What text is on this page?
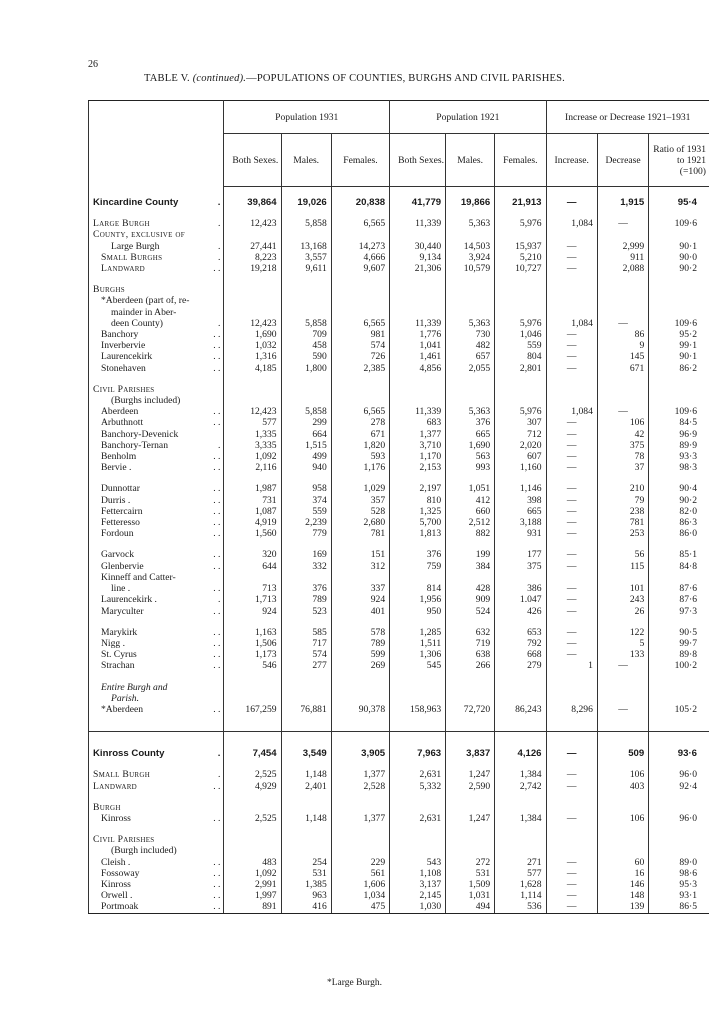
26
TABLE V. (continued).—POPULATIONS OF COUNTIES, BURGHS AND CIVIL PARISHES.
	Population 1931			Population 1921			Increase or Decrease 1921–1931		
	Both Sexes.	Males.	Females.	Both Sexes.	Males.	Females.	Increase.	Decrease	Ratio of 1931 to 1921 (=100)

Kincardine County .	39,864	19,026	20,838	41,779	19,866	21,913	—	1,915	95·4

Large Burgh .	12,423	5,858	6,565	11,339	5,363	5,976	1,084	—	109·6
County, exclusive of									
Large Burgh .	27,441	13,168	14,273	30,440	14,503	15,937	—	2,999	90·1
Small Burghs .	8,223	3,557	4,666	9,134	3,924	5,210	—	911	90·0
Landward . .	19,218	9,611	9,607	21,306	10,579	10,727	—	2,088	90·2

Burghs									
*Aberdeen (part of, re-									
mainder in Aber-									
deen County) .	12,423	5,858	6,565	11,339	5,363	5,976	1,084	—	109·6
Banchory . .	1,690	709	981	1,776	730	1,046	—	86	95·2
Inverbervie . .	1,032	458	574	1,041	482	559	—	9	99·1
Laurencekirk . .	1,316	590	726	1,461	657	804	—	145	90·1
Stonehaven . .	4,185	1,800	2,385	4,856	2,055	2,801	—	671	86·2

Civil Parishes									
(Burghs included)									
Aberdeen . .	12,423	5,858	6,565	11,339	5,363	5,976	1,084	—	109·6
Arbuthnott . .	577	299	278	683	376	307	—	106	84·5
Banchory-Devenick	1,335	664	671	1,377	665	712	—	42	96·9
Banchory-Ternan .	3,335	1,515	1,820	3,710	1,690	2,020	—	375	89·9
Benholm . .	1,092	499	593	1,170	563	607	—	78	93·3
Bervie . . .	2,116	940	1,176	2,153	993	1,160	—	37	98·3

Dunnottar . .	1,987	958	1,029	2,197	1,051	1,146	—	210	90·4
Durris . . .	731	374	357	810	412	398	—	79	90·2
Fettercairn . .	1,087	559	528	1,325	660	665	—	238	82·0
Fetteresso . .	4,919	2,239	2,680	5,700	2,512	3,188	—	781	86·3
Fordoun . .	1,560	779	781	1,813	882	931	—	253	86·0

Garvock . .	320	169	151	376	199	177	—	56	85·1
Glenbervie . .	644	332	312	759	384	375	—	115	84·8
Kinneff and Catter-									
line . . .	713	376	337	814	428	386	—	101	87·6
Laurencekirk . .	1,713	789	924	1,956	909	1.047	—	243	87·6
Maryculter . .	924	523	401	950	524	426	—	26	97·3

Marykirk . .	1,163	585	578	1,285	632	653	—	122	90·5
Nigg . . .	1,506	717	789	1,511	719	792	—	5	99·7
St. Cyrus . .	1,173	574	599	1,306	638	668	—	133	89·8
Strachan . .	546	277	269	545	266	279	1	—	100·2

Entire Burgh and									
Parish.									
*Aberdeen . .	167,259	76,881	90,378	158,963	72,720	86,243	8,296	—	105·2

Kinross County .	7,454	3,549	3,905	7,963	3,837	4,126	—	509	93·6

Small Burgh .	2,525	1,148	1,377	2,631	1,247	1,384	—	106	96·0
Landward . .	4,929	2,401	2,528	5,332	2,590	2,742	—	403	92·4

Burgh									
Kinross . .	2,525	1,148	1,377	2,631	1,247	1,384	—	106	96·0

Civil Parishes									
(Burgh included)									
Cleish . . .	483	254	229	543	272	271	—	60	89·0
Fossoway . .	1,092	531	561	1,108	531	577	—	16	98·6
Kinross . .	2,991	1,385	1,606	3,137	1,509	1,628	—	146	95·3
Orwell . . .	1,997	963	1,034	2,145	1,031	1,114	—	148	93·1
Portmoak . .	891	416	475	1,030	494	536	—	139	86·5
*Large Burgh.
